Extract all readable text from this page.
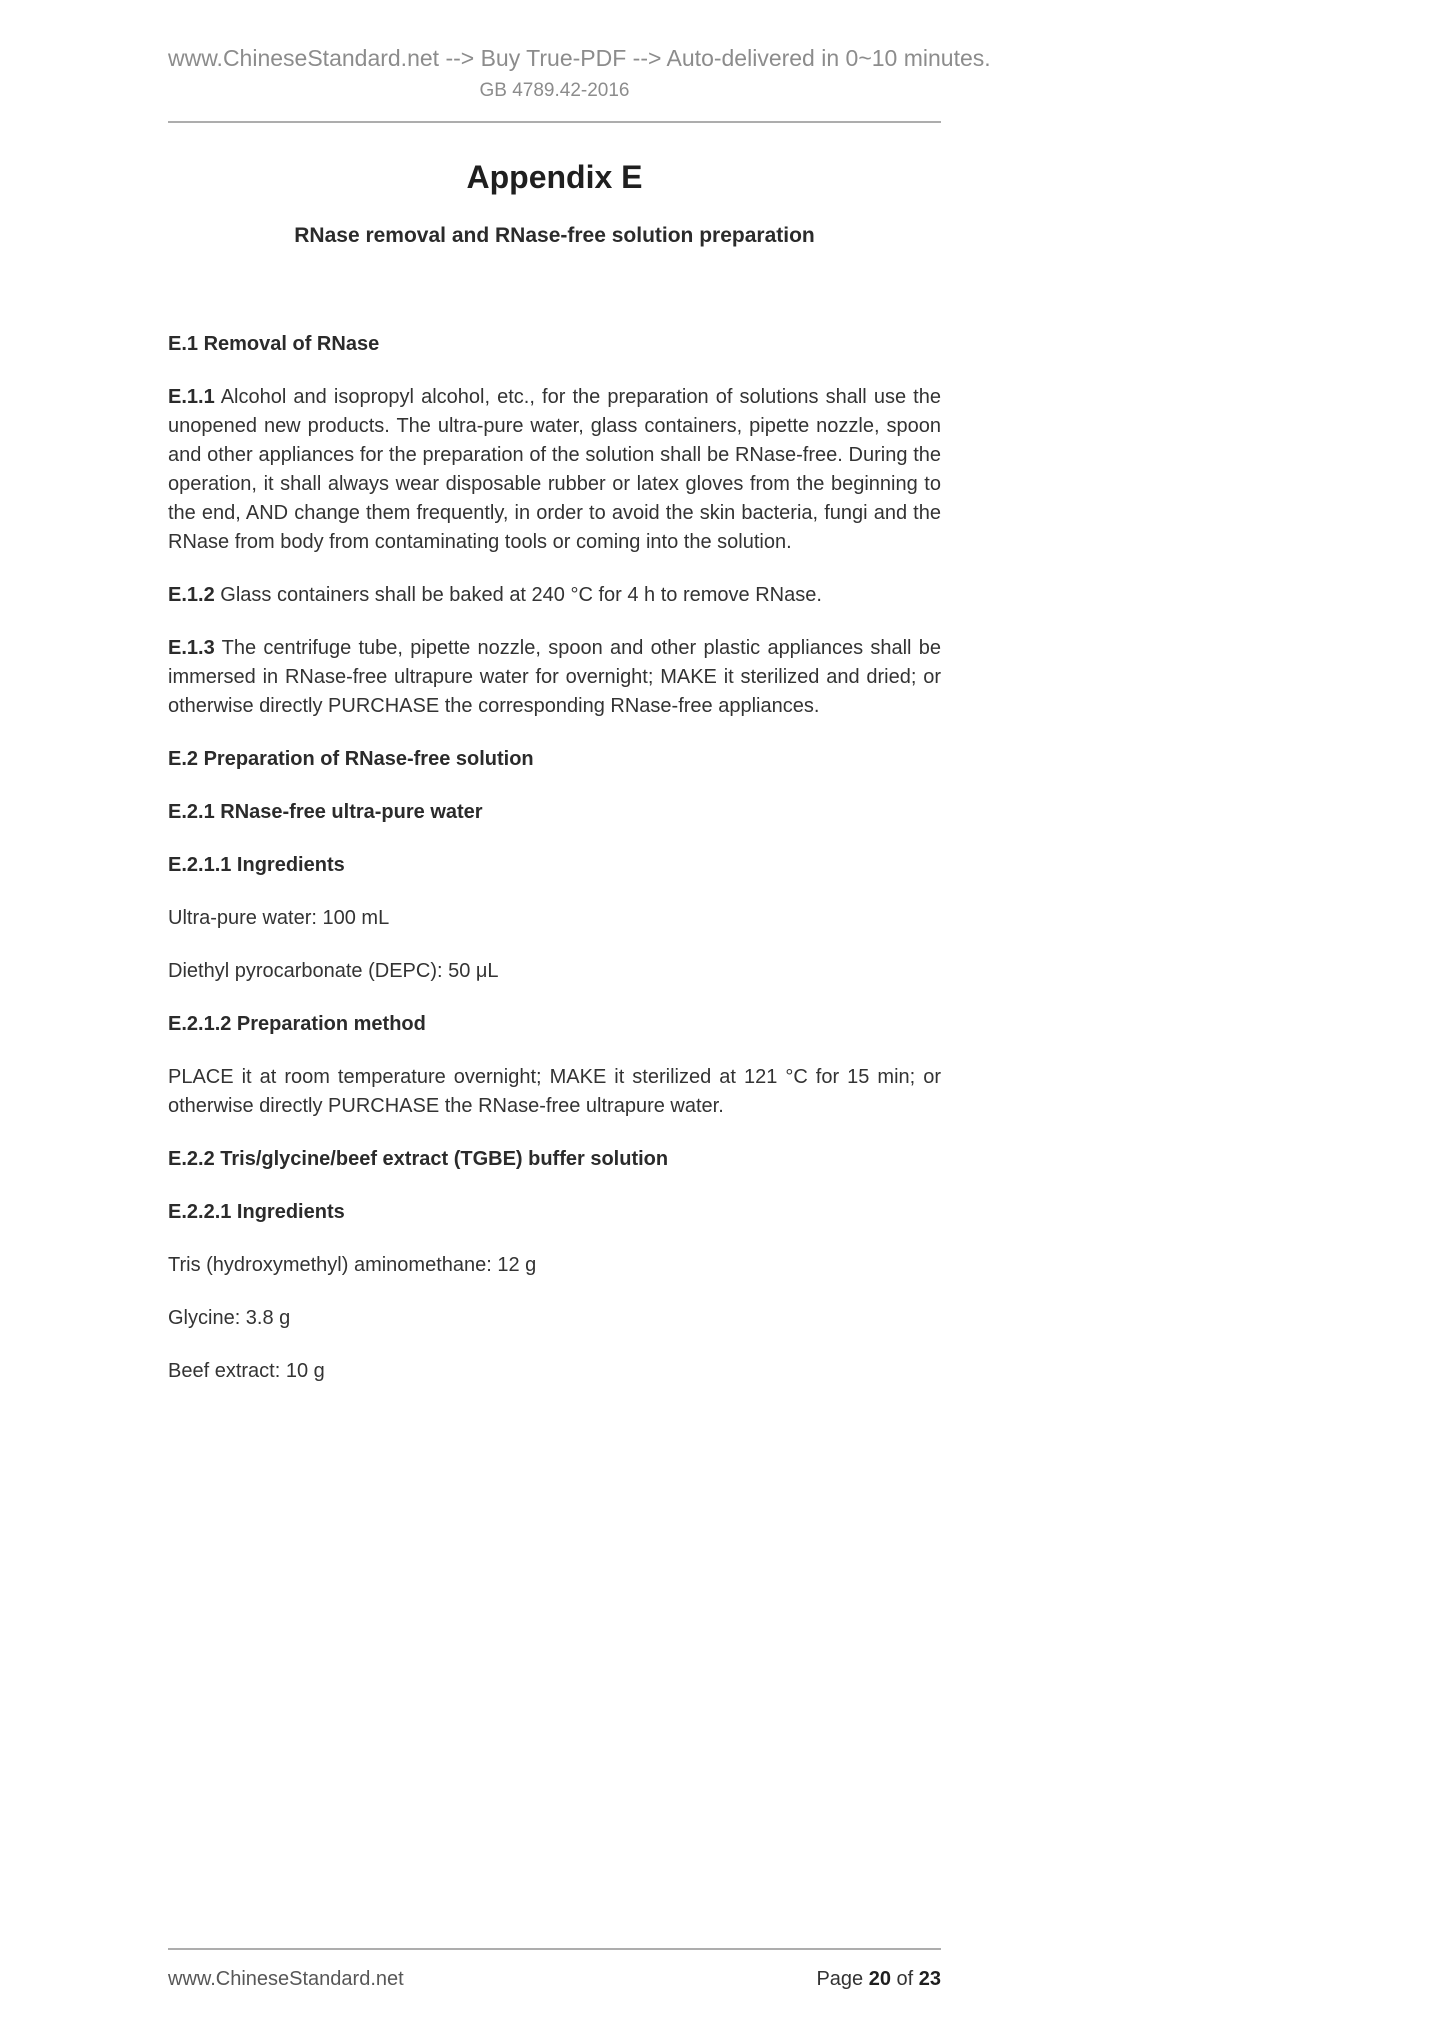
www.ChineseStandard.net --> Buy True-PDF --> Auto-delivered in 0~10 minutes.
GB 4789.42-2016
Appendix E
RNase removal and RNase-free solution preparation
E.1 Removal of RNase

E.1.1 Alcohol and isopropyl alcohol, etc., for the preparation of solutions shall use the unopened new products. The ultra-pure water, glass containers, pipette nozzle, spoon and other appliances for the preparation of the solution shall be RNase-free. During the operation, it shall always wear disposable rubber or latex gloves from the beginning to the end, AND change them frequently, in order to avoid the skin bacteria, fungi and the RNase from body from contaminating tools or coming into the solution.

E.1.2 Glass containers shall be baked at 240 °C for 4 h to remove RNase.

E.1.3 The centrifuge tube, pipette nozzle, spoon and other plastic appliances shall be immersed in RNase-free ultrapure water for overnight; MAKE it sterilized and dried; or otherwise directly PURCHASE the corresponding RNase-free appliances.

E.2 Preparation of RNase-free solution
E.2.1 RNase-free ultra-pure water
E.2.1.1 Ingredients

Ultra-pure water: 100 mL

Diethyl pyrocarbonate (DEPC): 50 μL

E.2.1.2 Preparation method

PLACE it at room temperature overnight; MAKE it sterilized at 121 °C for 15 min; or otherwise directly PURCHASE the RNase-free ultrapure water.

E.2.2 Tris/glycine/beef extract (TGBE) buffer solution
E.2.2.1 Ingredients

Tris (hydroxymethyl) aminomethane: 12 g

Glycine: 3.8 g

Beef extract: 10 g

www.ChineseStandard.net	Page 20 of 23
